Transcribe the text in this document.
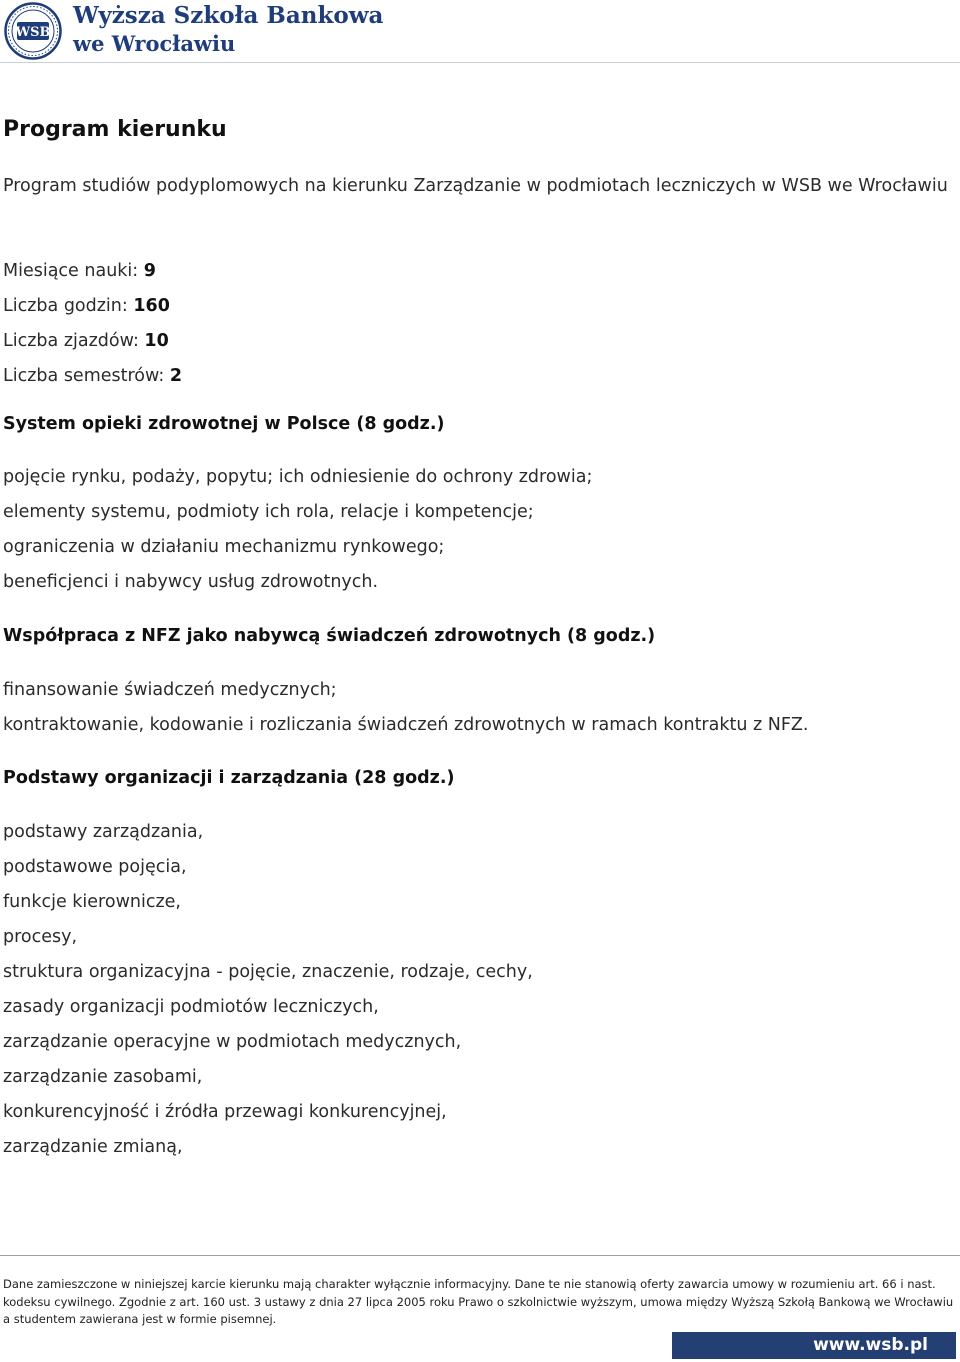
WSB
Wyższa Szkoła Bankowa
we Wrocławiu
Program kierunku

Program studiów podyplomowych na kierunku Zarządzanie w podmiotach leczniczych w WSB we Wrocławiu

Miesiące nauki: 9
Liczba godzin: 160
Liczba zjazdów: 10
Liczba semestrów: 2
System opieki zdrowotnej w Polsce (8 godz.)
pojęcie rynku, podaży, popytu; ich odniesienie do ochrony zdrowia;
elementy systemu, podmioty ich rola, relacje i kompetencje;
ograniczenia w działaniu mechanizmu rynkowego;
beneficjenci i nabywcy usług zdrowotnych.
Współpraca z NFZ jako nabywcą świadczeń zdrowotnych (8 godz.)
finansowanie świadczeń medycznych;
kontraktowanie, kodowanie i rozliczania świadczeń zdrowotnych w ramach kontraktu z NFZ.
Podstawy organizacji i zarządzania (28 godz.)
podstawy zarządzania,
podstawowe pojęcia,
funkcje kierownicze,
procesy,
struktura organizacyjna - pojęcie, znaczenie, rodzaje, cechy,
zasady organizacji podmiotów leczniczych,
zarządzanie operacyjne w podmiotach medycznych,
zarządzanie zasobami,
konkurencyjność i źródła przewagi konkurencyjnej,
zarządzanie zmianą,

Dane zamieszczone w niniejszej karcie kierunku mają charakter wyłącznie informacyjny. Dane te nie stanowią oferty zawarcia umowy w rozumieniu art. 66 i nast. kodeksu cywilnego. Zgodnie z art. 160 ust. 3 ustawy z dnia 27 lipca 2005 roku Prawo o szkolnictwie wyższym, umowa między Wyższą Szkołą Bankową we Wrocławiu a studentem zawierana jest w formie pisemnej.

www.wsb.pl
